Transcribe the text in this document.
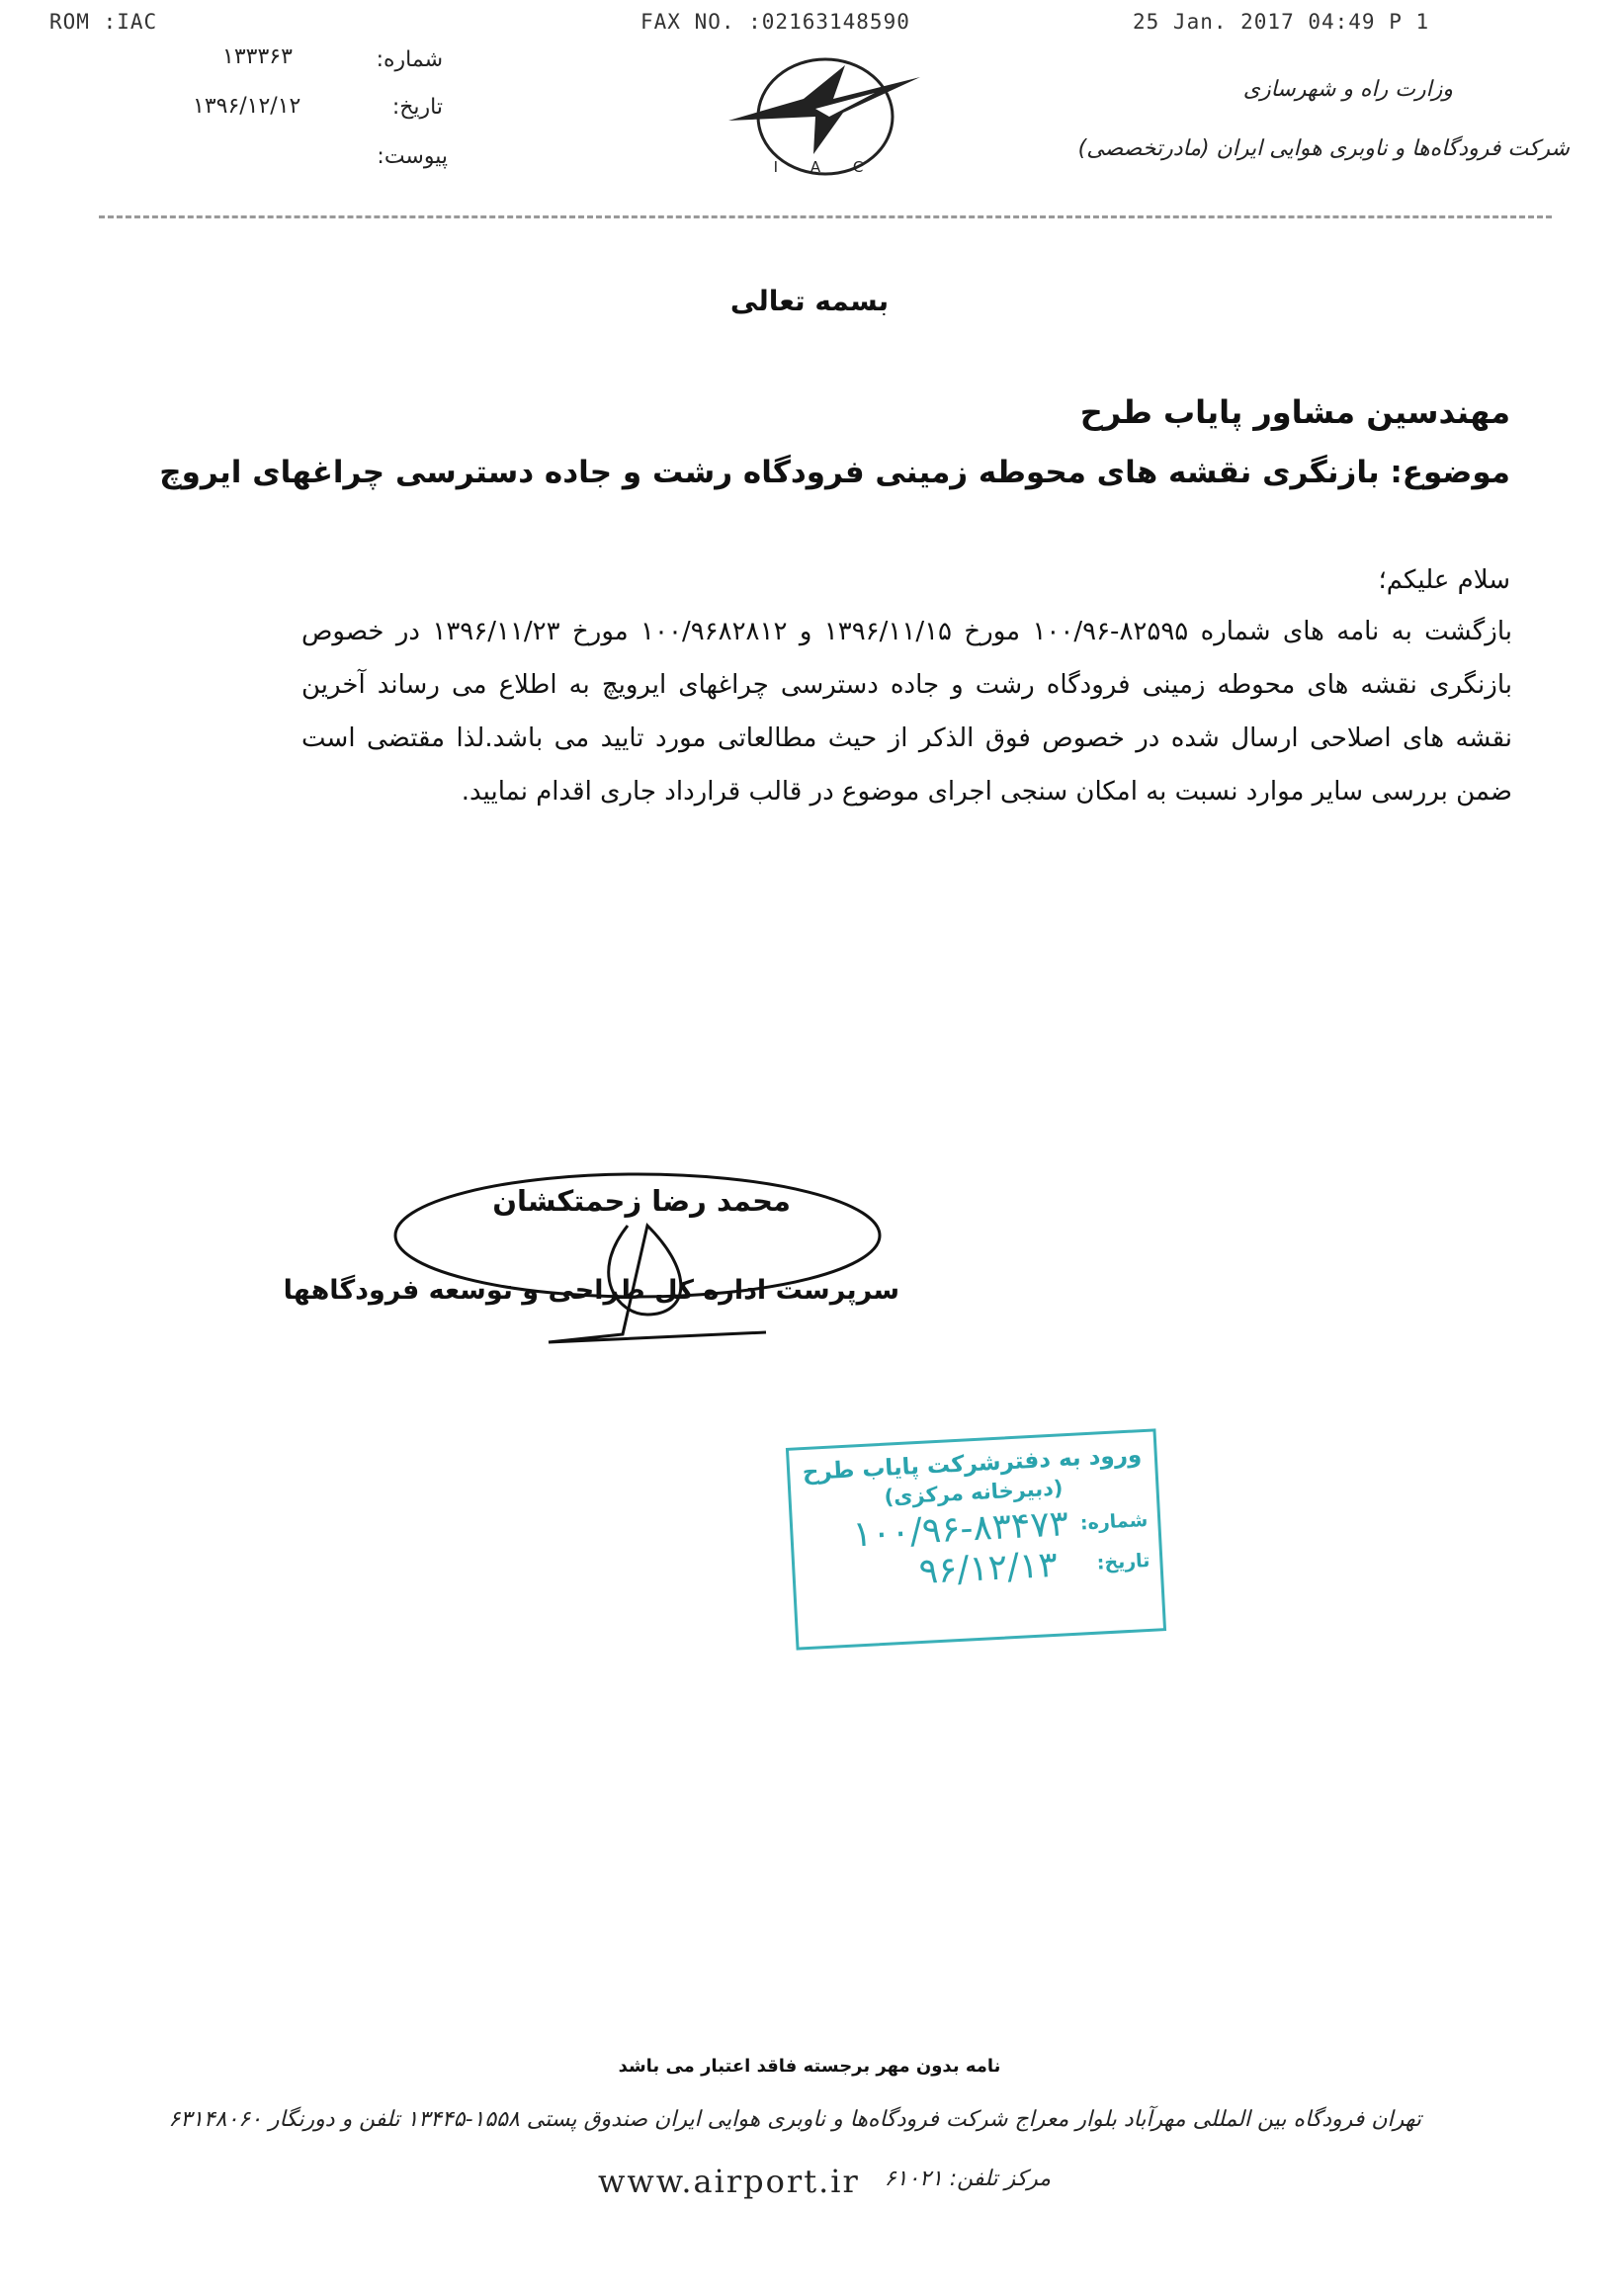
ROM :IAC	FAX NO. :02163148590	25 Jan. 2017 04:49 P 1
شماره:
۱۳۳۳۶۳
تاریخ:
۱۳۹۶/۱۲/۱۲
پیوست:	I A C
وزارت راه و شهرسازی
شرکت فرودگاه‌ها و ناوبری هوایی ایران (مادرتخصصی)
بسمه تعالی
مهندسین مشاور پایاب طرح
موضوع: بازنگری نقشه های محوطه زمینی فرودگاه رشت و جاده دسترسی چراغهای ایروچ
سلام علیکم؛
بازگشت به نامه های شماره ۸۲۵۹۵-۱۰۰/۹۶ مورخ ۱۳۹۶/۱۱/۱۵ و ۱۰۰/۹۶۸۲۸۱۲ مورخ ۱۳۹۶/۱۱/۲۳ در خصوص بازنگری نقشه های محوطه زمینی فرودگاه رشت و جاده دسترسی چراغهای ایرویچ به اطلاع می رساند آخرین نقشه های اصلاحی ارسال شده در خصوص فوق الذکر از حیث مطالعاتی مورد تایید می باشد.لذا مقتضی است ضمن بررسی سایر موارد نسبت به امکان سنجی اجرای موضوع در قالب قرارداد جاری اقدام نمایید.
محمد رضا زحمتکشان
سرپرست اداره کل طراحی و توسعه فرودگاهها
ورود به دفترشرکت پایاب طرح
(دبیرخانه مرکزی)
شماره:
۱۰۰/۹۶-۸۳۴۷۳
تاریخ:
۹۶/۱۲/۱۳
نامه بدون مهر برجسته فاقد اعتبار می باشد
تهران فرودگاه بین المللی مهرآباد بلوار معراج شرکت فرودگاه‌ها و ناوبری هوایی ایران صندوق پستی ۱۵۵۸-۱۳۴۴۵ تلفن و دورنگار ۶۳۱۴۸۰۶۰
www.airport.ir مرکز تلفن: ۶۱۰۲۱
